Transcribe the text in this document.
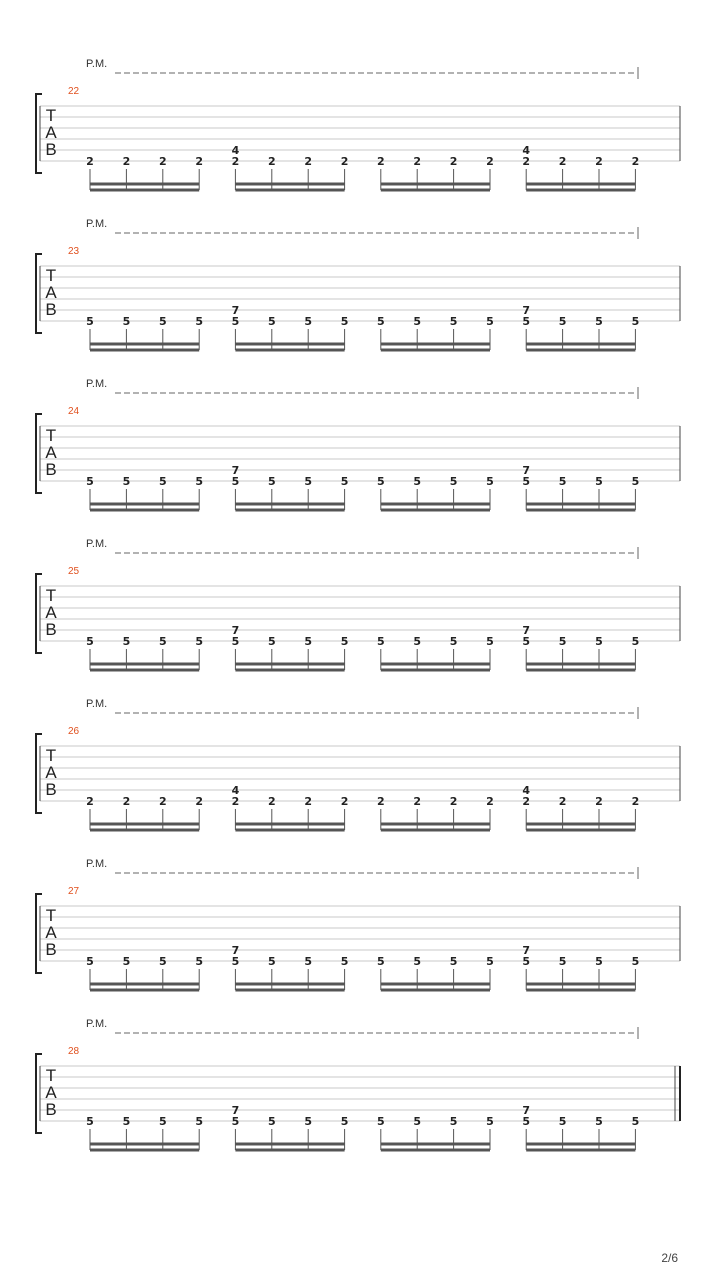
P.M.
22
T
A
B
2	2	2	2	2	2	2	2	2	2	2	2	2	2	2	2
4	4
P.M.
23
T
A
B
5	5	5	5	5	5	5	5	5	5	5	5	5	5	5	5
7	7
P.M.
24
T
A
B
5	5	5	5	5	5	5	5	5	5	5	5	5	5	5	5
7	7
P.M.
25
T
A
B
5	5	5	5	5	5	5	5	5	5	5	5	5	5	5	5
7	7
P.M.
26
T
A
B
2	2	2	2	2	2	2	2	2	2	2	2	2	2	2	2
4	4
P.M.
27
T
A
B
5	5	5	5	5	5	5	5	5	5	5	5	5	5	5	5
7	7
P.M.
28
T
A
B
5	5	5	5	5	5	5	5	5	5	5	5	5	5	5	5
7	7
2/6
